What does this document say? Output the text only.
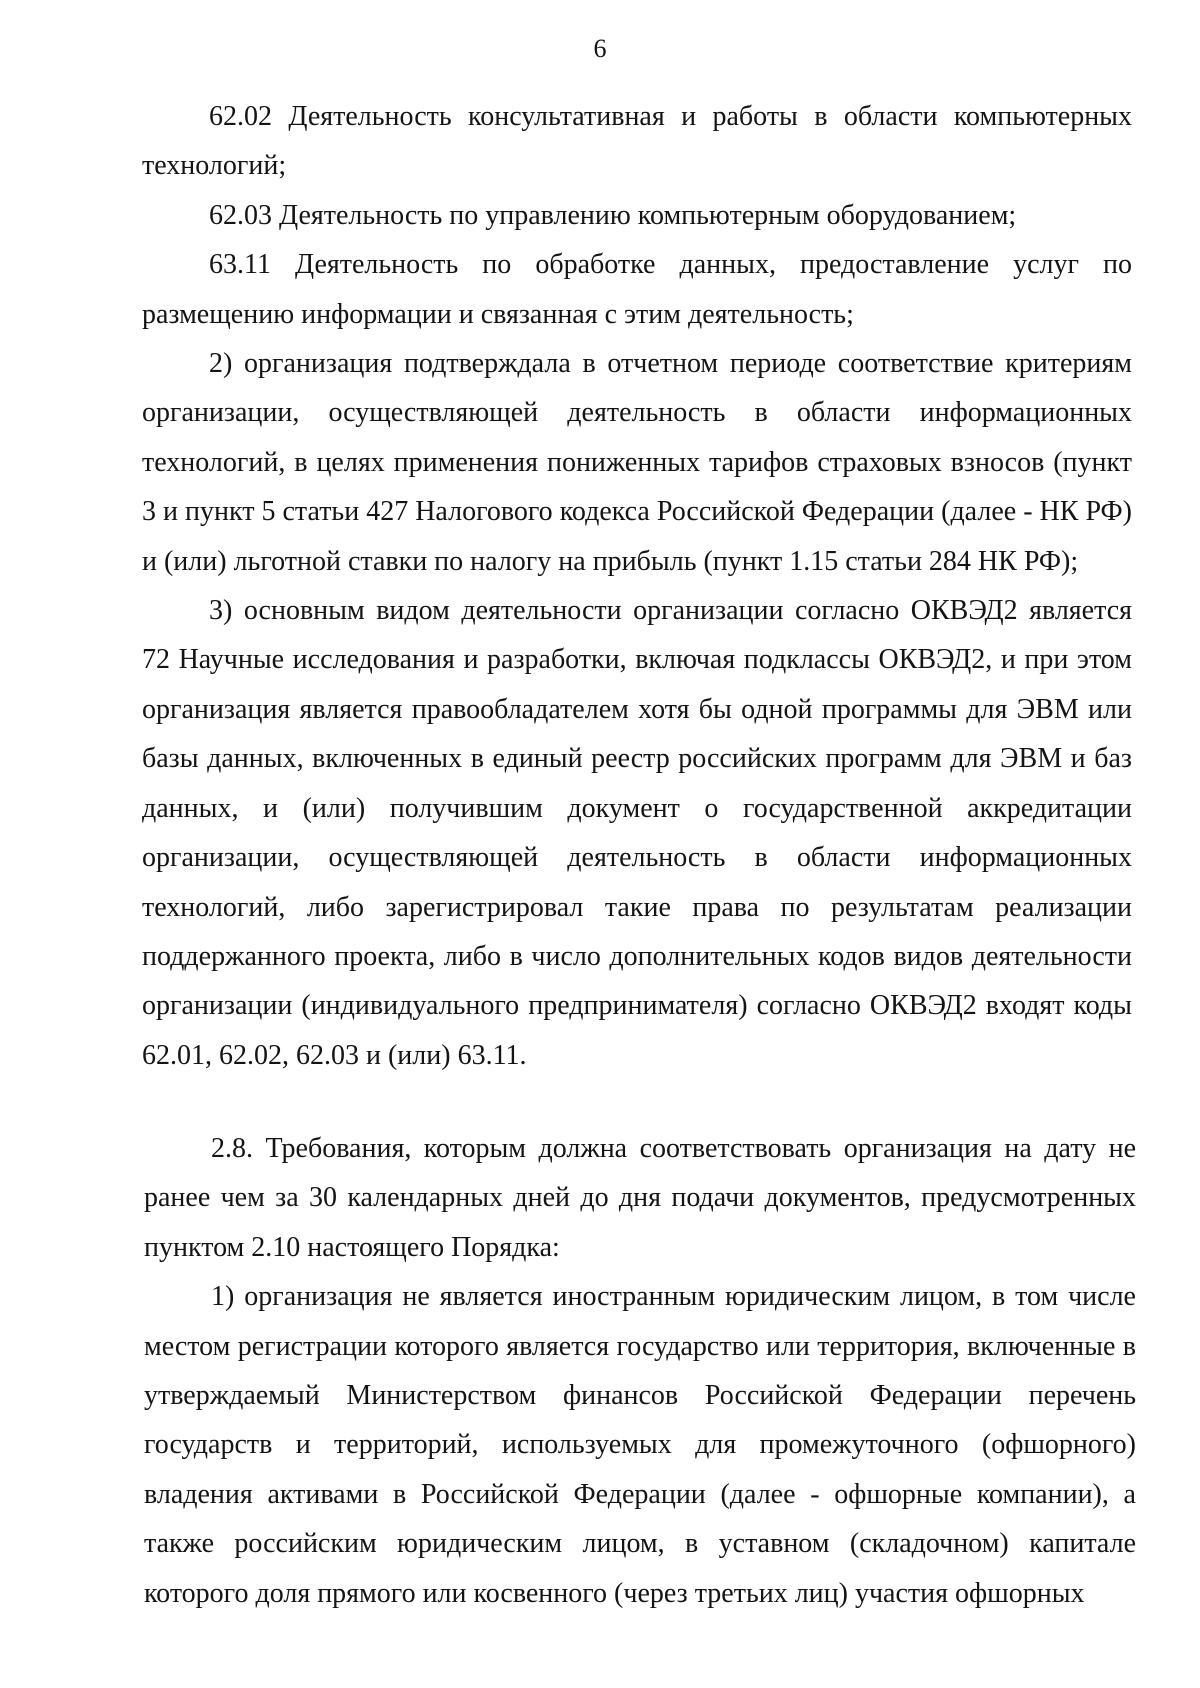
6

62.02 Деятельность консультативная и работы в области компьютерных технологий;

62.03 Деятельность по управлению компьютерным оборудованием;

63.11 Деятельность по обработке данных, предоставление услуг по размещению информации и связанная с этим деятельность;

2) организация подтверждала в отчетном периоде соответствие критериям организации, осуществляющей деятельность в области информационных технологий, в целях применения пониженных тарифов страховых взносов (пункт 3 и пункт 5 статьи 427 Налогового кодекса Российской Федерации (далее - НК РФ) и (или) льготной ставки по налогу на прибыль (пункт 1.15 статьи 284 НК РФ);

3) основным видом деятельности организации согласно ОКВЭД2 является 72 Научные исследования и разработки, включая подклассы ОКВЭД2, и при этом организация является правообладателем хотя бы одной программы для ЭВМ или базы данных, включенных в единый реестр российских программ для ЭВМ и баз данных, и (или) получившим документ о государственной аккредитации организации, осуществляющей деятельность в области информационных технологий, либо зарегистрировал такие права по результатам реализации поддержанного проекта, либо в число дополнительных кодов видов деятельности организации (индивидуального предпринимателя) согласно ОКВЭД2 входят коды 62.01, 62.02, 62.03 и (или) 63.11.

2.8. Требования, которым должна соответствовать организация на дату не ранее чем за 30 календарных дней до дня подачи документов, предусмотренных пунктом 2.10 настоящего Порядка:

1) организация не является иностранным юридическим лицом, в том числе местом регистрации которого является государство или территория, включенные в утверждаемый Министерством финансов Российской Федерации перечень государств и территорий, используемых для промежуточного (офшорного) владения активами в Российской Федерации (далее - офшорные компании), а также российским юридическим лицом, в уставном (складочном) капитале которого доля прямого или косвенного (через третьих лиц) участия офшорных
